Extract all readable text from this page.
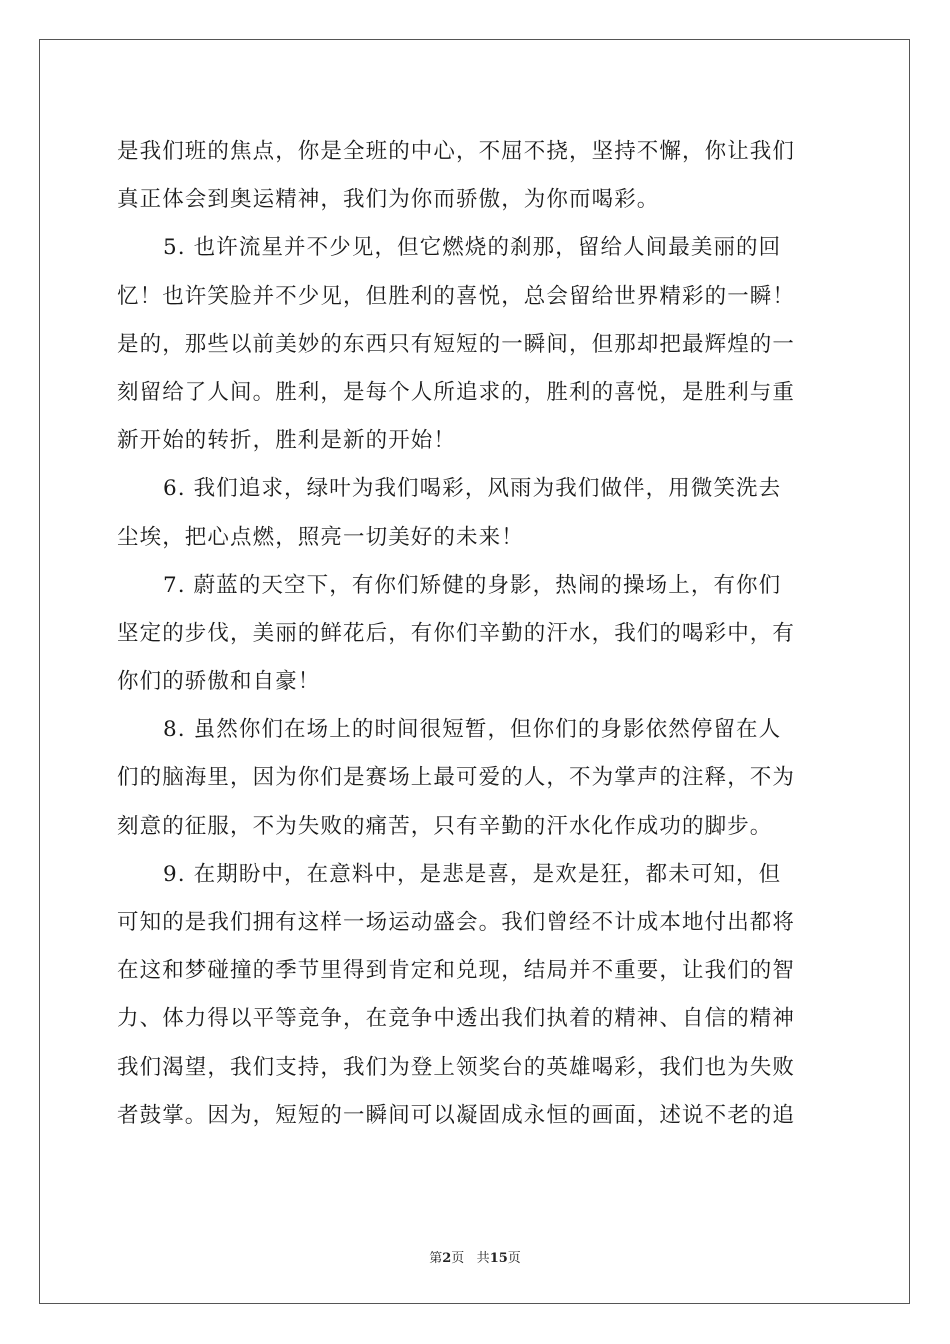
是我们班的焦点，你是全班的中心，不屈不挠，坚持不懈，你让我们
真正体会到奥运精神，我们为你而骄傲，为你而喝彩。
5. 也许流星并不少见，但它燃烧的刹那，留给人间最美丽的回
忆！也许笑脸并不少见，但胜利的喜悦，总会留给世界精彩的一瞬！
是的，那些以前美妙的东西只有短短的一瞬间，但那却把最辉煌的一
刻留给了人间。胜利，是每个人所追求的，胜利的喜悦，是胜利与重
新开始的转折，胜利是新的开始！
6. 我们追求，绿叶为我们喝彩，风雨为我们做伴，用微笑洗去
尘埃，把心点燃，照亮一切美好的未来！
7. 蔚蓝的天空下，有你们矫健的身影，热闹的操场上，有你们
坚定的步伐，美丽的鲜花后，有你们辛勤的汗水，我们的喝彩中，有
你们的骄傲和自豪！
8. 虽然你们在场上的时间很短暂，但你们的身影依然停留在人
们的脑海里，因为你们是赛场上最可爱的人，不为掌声的注释，不为
刻意的征服，不为失败的痛苦，只有辛勤的汗水化作成功的脚步。
9. 在期盼中，在意料中，是悲是喜，是欢是狂，都未可知，但
可知的是我们拥有这样一场运动盛会。我们曾经不计成本地付出都将
在这和梦碰撞的季节里得到肯定和兑现，结局并不重要，让我们的智
力、体力得以平等竞争，在竞争中透出我们执着的精神、自信的精神
我们渴望，我们支持，我们为登上领奖台的英雄喝彩，我们也为失败
者鼓掌。因为，短短的一瞬间可以凝固成永恒的画面，述说不老的追
第2页 共15页
